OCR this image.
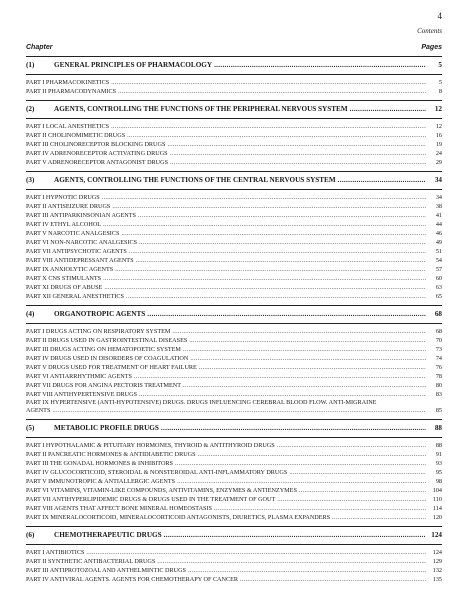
4
Contents
Chapter	Pages
(1)	GENERAL PRINCIPLES OF PHARMACOLOGY .....	5
PART I PHARMACOKINETICS .....	5
PART II PHARMACODYNAMICS .....	8
(2)	AGENTS, CONTROLLING THE FUNCTIONS OF THE PERIPHERAL NERVOUS SYSTEM .....	12
PART I LOCAL ANESTHETICS .....	12
PART II CHOLINOMIMETIC DRUGS .....	16
PART III CHOLINORECEPTOR BLOCKING DRUGS .....	19
PART IV ADRENORECEPTOR ACTIVATING DRUGS .....	24
PART V ADRENORECEPTOR ANTAGONIST DRUGS .....	29
(3)	AGENTS, CONTROLLING THE FUNCTIONS OF THE CENTRAL NERVOUS SYSTEM .....	34
PART I HYPNOTIC DRUGS .....	34
PART II ANTISEIZURE DRUGS .....	38
PART III ANTIPARKINSONIAN AGENTS .....	41
PART IV ETHYL ALCOHOL .....	44
PART V NARCOTIC ANALGESICS .....	46
PART VI NON-NARCOTIC ANALGESICS .....	49
PART VII ANTIPSYCHOTIC AGENTS .....	51
PART VIII ANTIDEPRESSANT AGENTS .....	54
PART IX ANXIOLYTIC AGENTS .....	57
PART X CNS STIMULANTS .....	60
PART XI DRUGS OF ABUSE .....	63
PART XII GENERAL ANESTHETICS .....	65
(4)	ORGANOTROPIC AGENTS .....	68
PART I DRUGS ACTING ON RESPIRATORY SYSTEM .....	68
PART II DRUGS USED IN GASTROINTESTINAL DISEASES .....	70
PART III DRUGS ACTING ON HEMATOPOETIC SYSTEM .....	73
PART IV DRUGS USED IN DISORDERS OF COAGULATION .....	74
PART V DRUGS USED FOR TREATMENT OF HEART FAILURE .....	76
PART VI ANTIARRHYTHMIC AGENTS .....	78
PART VII DRUGS FOR ANGINA PECTORIS TREATMENT .....	80
PART VIII ANTIHYPERTENSIVE DRUGS .....	83
PART IX HYPERTENSIVE (ANTI-HYPOTENSIVE) DRUGS. DRUGS INFLUENCING CEREBRAL BLOOD FLOW. ANTI-MIGRAINE
AGENTS .....	85
(5)	METABOLIC PROFILE DRUGS .....	88
PART I HYPOTHALAMIC & PITUITARY HORMONES, THYROID & ANTITHYROID DRUGS .....	88
PART II PANCREATIC HORMONES & ANTIDIABETIC DRUGS .....	91
PART III THE GONADAL HORMONES & INHIBITORS .....	93
PART IV GLUCOCORTICOID, STEROIDAL & NONSTEROIDAL ANTI-INFLAMMATORY DRUGS .....	95
PART V IMMUNOTROPIC & ANTIALLERGIC AGENTS .....	98
PART VI VITAMINS, VITAMIN-LIKE COMPOUNDS, ANTIVITAMINS, ENZYMES & ANTIENZYMES .....	104
PART VII ANTIHYPERLIPIDEMIC DRUGS & DRUGS USED IN THE TREATMENT OF GOUT .....	110
PART VIII AGENTS THAT AFFECT BONE MINERAL HOMEOSTASIS .....	114
PART IX MINERALOCORTICOID, MINERALOCORTICOID ANTAGONISTS, DIURETICS, PLASMA EXPANDERS .....	120
(6)	CHEMOTHERAPEUTIC DRUGS .....	124
PART I ANTIBIOTICS .....	124
PART II SYNTHETIC ANTIBACTERIAL DRUGS .....	129
PART III ANTIPROTOZOAL AND ANTHELMINTIC DRUGS .....	132
PART IV ANTIVIRAL AGENTS. AGENTS FOR CHEMOTHERAPY OF CANCER .....	135
